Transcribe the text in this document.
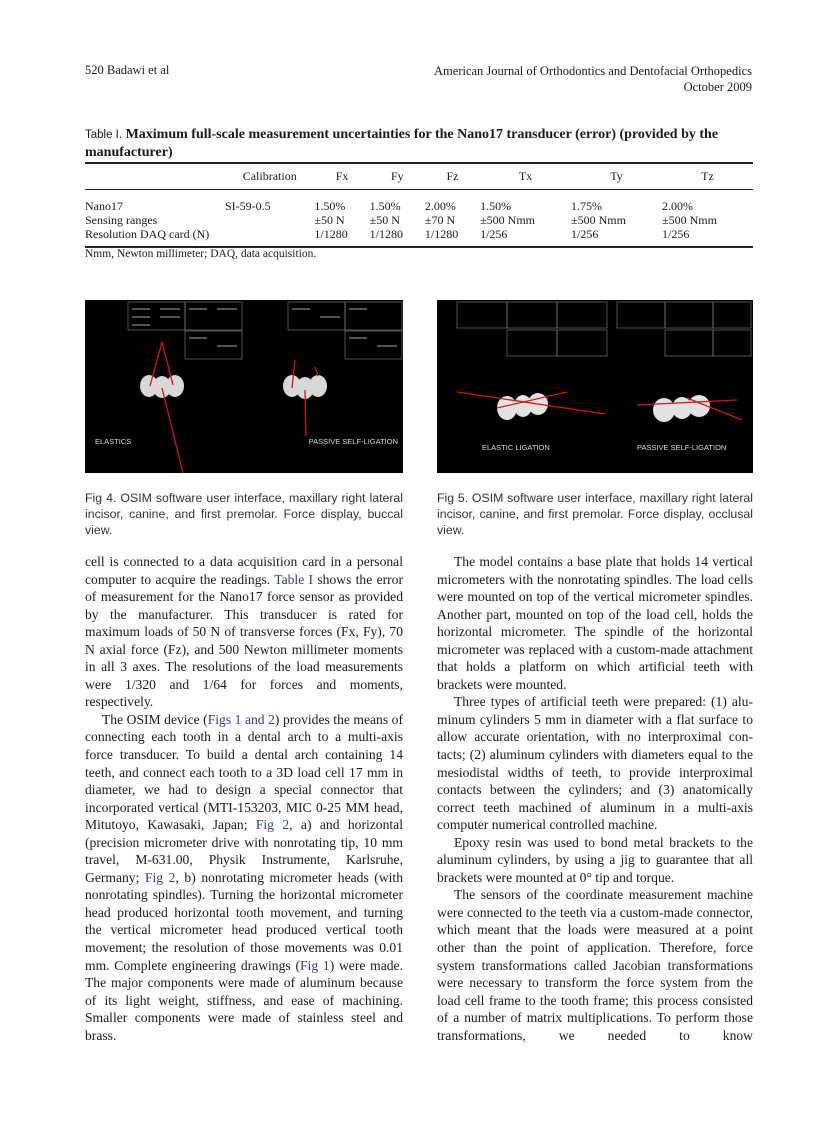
520 Badawi et al	American Journal of Orthodontics and Dentofacial Orthopedics
October 2009
Table I. Maximum full-scale measurement uncertainties for the Nano17 transducer (error) (provided by the manufacturer)
	Calibration	Fx	Fy	Fz	Tx	Ty	Tz
Nano17	SI-59-0.5	1.50%	1.50%	2.00%	1.50%	1.75%	2.00%
Sensing ranges		±50 N	±50 N	±70 N	±500 Nmm	±500 Nmm	±500 Nmm
Resolution DAQ card (N)		1/1280	1/1280	1/1280	1/256	1/256	1/256
Nmm, Newton millimeter; DAQ, data acquisition.
ELASTICS	PASSIVE SELF-LIGATION
ELASTIC LIGATION	PASSIVE SELF-LIGATION
Fig 4. OSIM software user interface, maxillary right lateral incisor, canine, and first premolar. Force display, buccal view.
Fig 5. OSIM software user interface, maxillary right lateral incisor, canine, and first premolar. Force display, occlusal view.

cell is connected to a data acquisition card in a personal computer to acquire the readings. Table I shows the error of measurement for the Nano17 force sensor as provided by the manufacturer. This transducer is rated for maximum loads of 50 N of transverse forces (Fx, Fy), 70 N axial force (Fz), and 500 Newton millimeter moments in all 3 axes. The resolutions of the load measurements were 1/320 and 1/64 for forces and moments, respectively.

The OSIM device (Figs 1 and 2) provides the means of connecting each tooth in a dental arch to a multi-axis force transducer. To build a dental arch containing 14 teeth, and connect each tooth to a 3D load cell 17 mm in diameter, we had to design a special connector that incorporated vertical (MTI-153203, MIC 0-25 MM head, Mitutoyo, Kawasaki, Japan; Fig 2, a) and horizontal (precision micrometer drive with nonrotating tip, 10 mm travel, M-631.00, Physik Instrumente, Karlsruhe, Germany; Fig 2, b) nonrotating micrometer heads (with nonrotating spindles). Turning the horizontal micrometer head produced horizontal tooth movement, and turning the vertical micrometer head produced vertical tooth movement; the resolution of those movements was 0.01 mm. Complete engineering drawings (Fig 1) were made. The major components were made of aluminum because of its light weight, stiffness, and ease of machining. Smaller components were made of stainless steel and brass.

The model contains a base plate that holds 14 vertical micrometers with the nonrotating spindles. The load cells were mounted on top of the vertical micrometer spindles. Another part, mounted on top of the load cell, holds the horizontal micrometer. The spindle of the horizontal micrometer was replaced with a custom-made attachment that holds a platform on which artificial teeth with brackets were mounted.

Three types of artificial teeth were prepared: (1) aluminum cylinders 5 mm in diameter with a flat surface to allow accurate orientation, with no interproximal contacts; (2) aluminum cylinders with diameters equal to the mesiodistal widths of teeth, to provide interproximal contacts between the cylinders; and (3) anatomically correct teeth machined of aluminum in a multi-axis computer numerical controlled machine.

Epoxy resin was used to bond metal brackets to the aluminum cylinders, by using a jig to guarantee that all brackets were mounted at 0° tip and torque.

The sensors of the coordinate measurement machine were connected to the teeth via a custom-made connector, which meant that the loads were measured at a point other than the point of application. Therefore, force system transformations called Jacobian transformations were necessary to transform the force system from the load cell frame to the tooth frame; this process consisted of a number of matrix multiplications. To perform those transformations, we needed to know
